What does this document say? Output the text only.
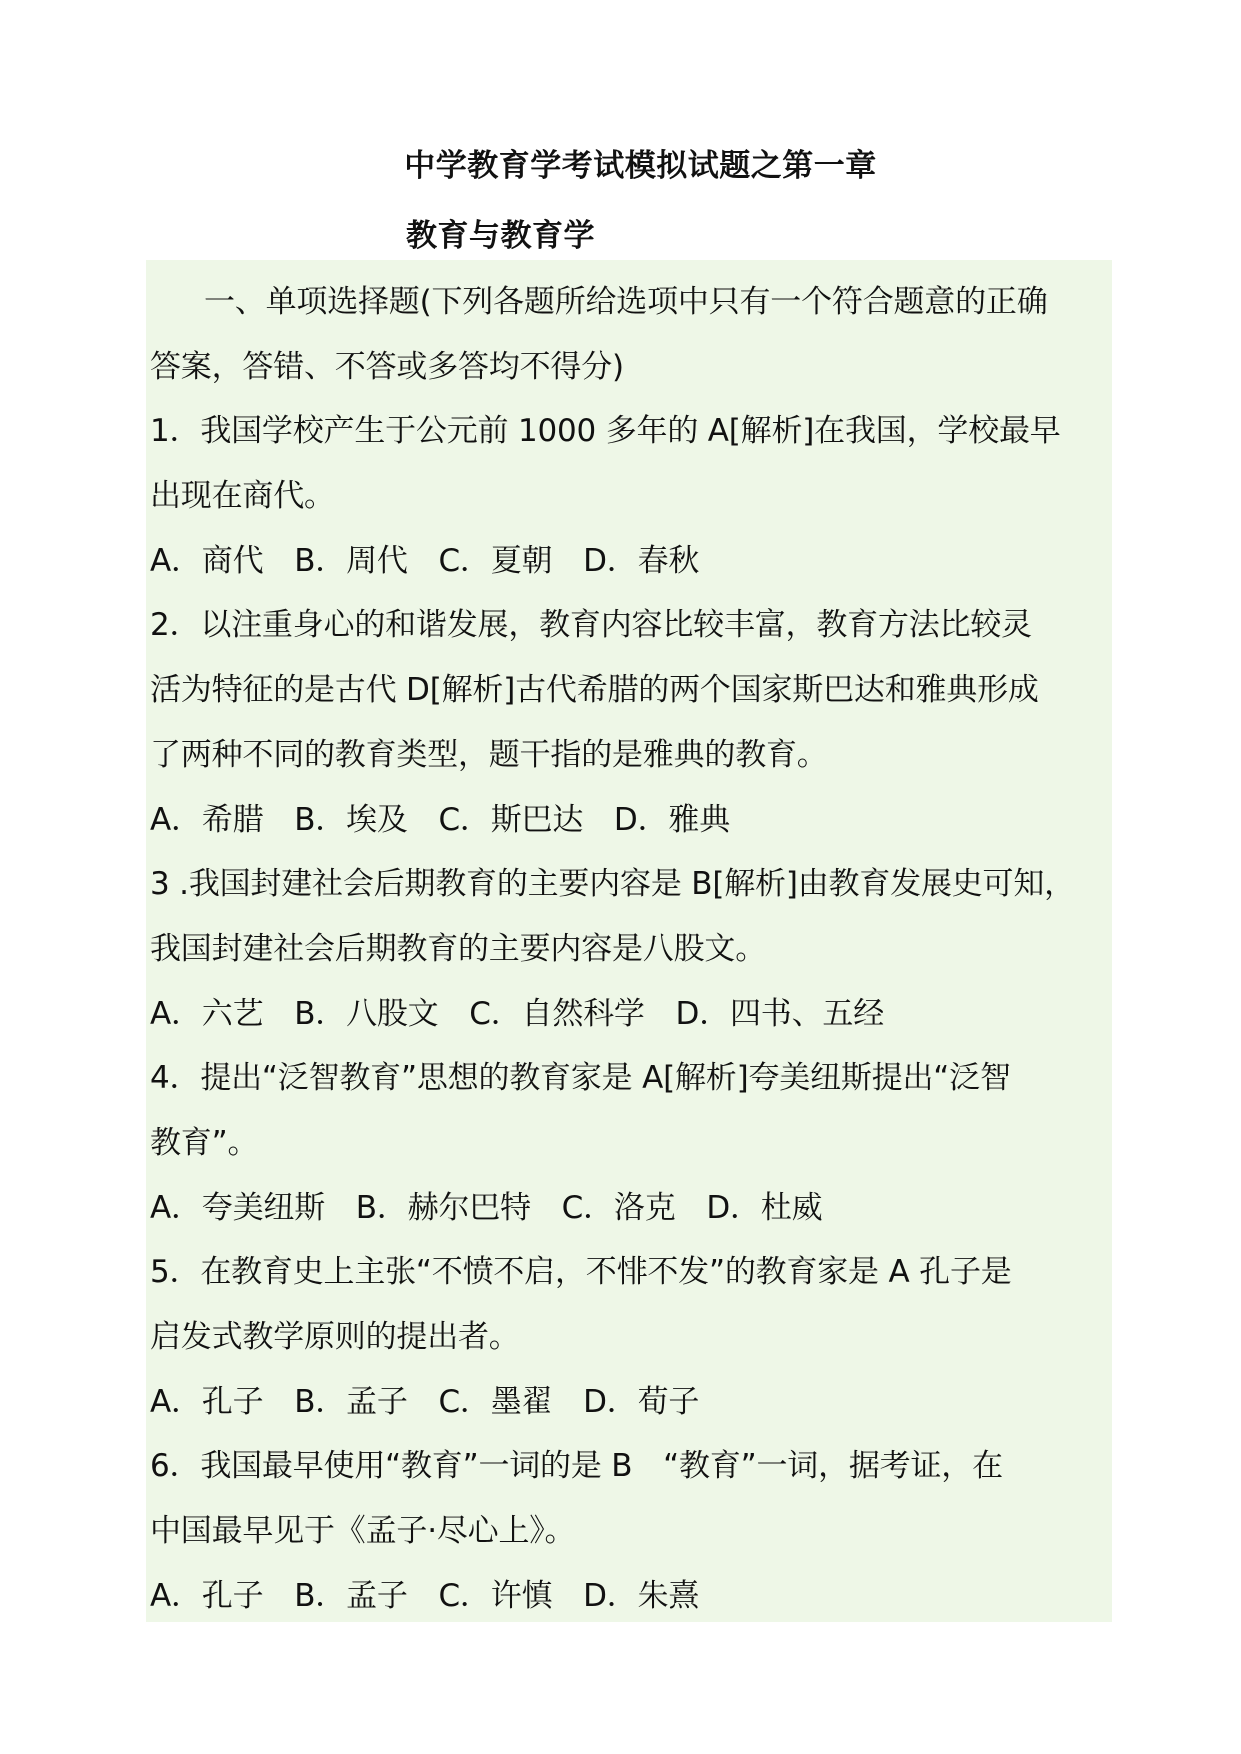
中学教育学考试模拟试题之第一章
教育与教育学
一、单项选择题(下列各题所给选项中只有一个符合题意的正确
答案，答错、不答或多答均不得分)
1．我国学校产生于公元前 1000 多年的 A[解析]在我国，学校最早
出现在商代。
A．商代　B．周代　C．夏朝　D．春秋
2．以注重身心的和谐发展，教育内容比较丰富，教育方法比较灵
活为特征的是古代 D[解析]古代希腊的两个国家斯巴达和雅典形成
了两种不同的教育类型，题干指的是雅典的教育。
A．希腊　B．埃及　C．斯巴达　D．雅典
3 .我国封建社会后期教育的主要内容是 B[解析]由教育发展史可知，
我国封建社会后期教育的主要内容是八股文。
A．六艺　B．八股文　C．自然科学　D．四书、五经
4．提出“泛智教育”思想的教育家是 A[解析]夸美纽斯提出“泛智
教育”。
A．夸美纽斯　B．赫尔巴特　C．洛克　D．杜威
5．在教育史上主张“不愤不启，不悱不发”的教育家是 A 孔子是
启发式教学原则的提出者。
A．孔子　B．孟子　C．墨翟　D．荀子
6．我国最早使用“教育”一词的是 B　“教育”一词，据考证，在
中国最早见于《孟子·尽心上》。
A．孔子　B．孟子　C．许慎　D．朱熹
